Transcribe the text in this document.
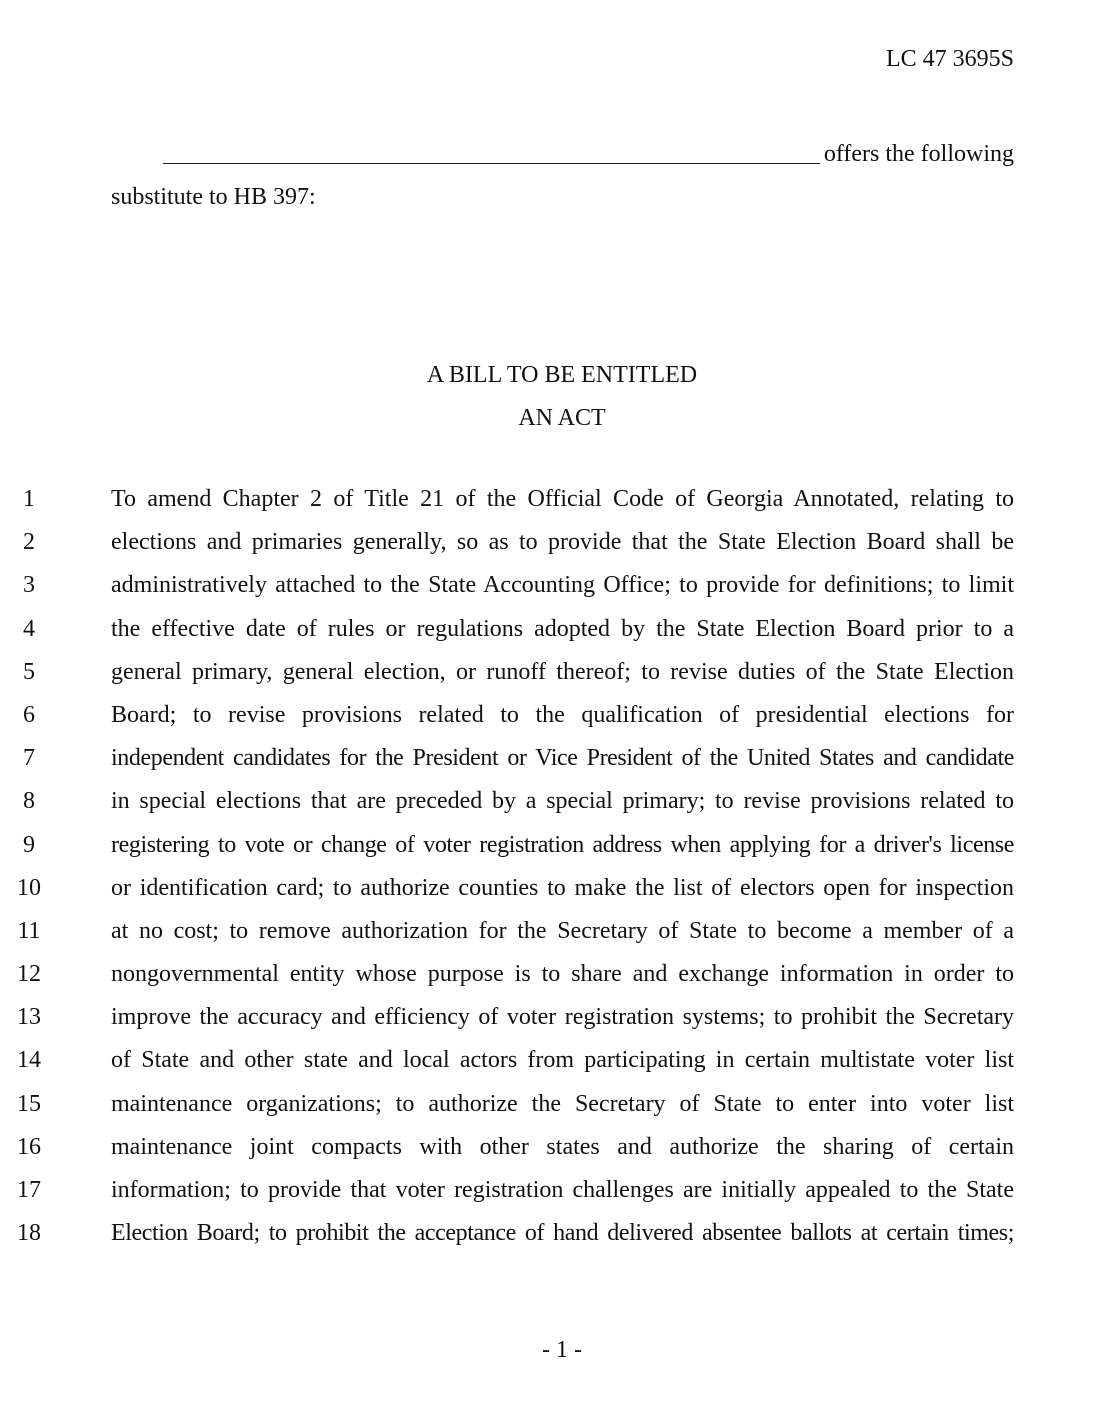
LC 47 3695S
offers the following
substitute to HB 397:
A BILL TO BE ENTITLED
AN ACT
1	To amend Chapter 2 of Title 21 of the Official Code of Georgia Annotated, relating to
2	elections and primaries generally, so as to provide that the State Election Board shall be
3	administratively attached to the State Accounting Office; to provide for definitions; to limit
4	the effective date of rules or regulations adopted by the State Election Board prior to a
5	general primary, general election, or runoff thereof; to revise duties of the State Election
6	Board; to revise provisions related to the qualification of presidential elections for
7	independent candidates for the President or Vice President of the United States and candidate
8	in special elections that are preceded by a special primary; to revise provisions related to
9	registering to vote or change of voter registration address when applying for a driver's license
10	or identification card; to authorize counties to make the list of electors open for inspection
11	at no cost; to remove authorization for the Secretary of State to become a member of a
12	nongovernmental entity whose purpose is to share and exchange information in order to
13	improve the accuracy and efficiency of voter registration systems; to prohibit the Secretary
14	of State and other state and local actors from participating in certain multistate voter list
15	maintenance organizations; to authorize the Secretary of State to enter into voter list
16	maintenance joint compacts with other states and authorize the sharing of certain
17	information; to provide that voter registration challenges are initially appealed to the State
18	Election Board; to prohibit the acceptance of hand delivered absentee ballots at certain times;
- 1 -
